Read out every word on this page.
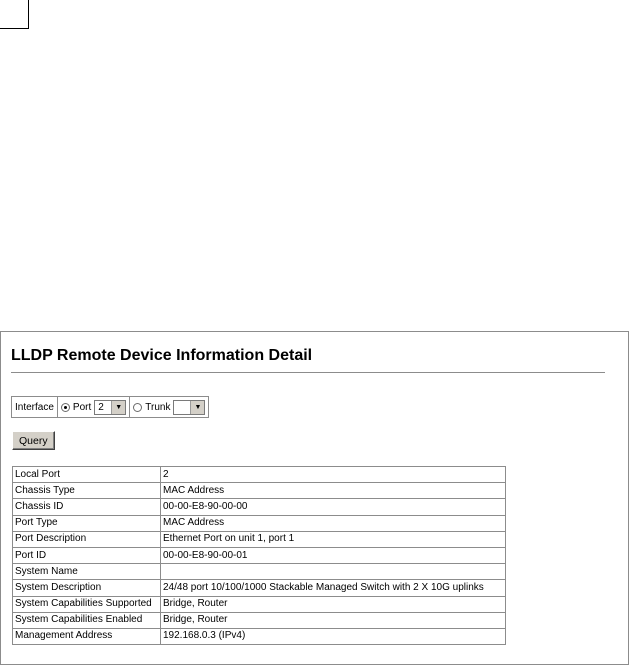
LLDP Remote Device Information Detail
Interface	Port 2	▼	Trunk	▼
Query
Local Port	2
Chassis Type	MAC Address
Chassis ID	00-00-E8-90-00-00
Port Type	MAC Address
Port Description	Ethernet Port on unit 1, port 1
Port ID	00-00-E8-90-00-01
System Name	
System Description	24/48 port 10/100/1000 Stackable Managed Switch with 2 X 10G uplinks
System Capabilities Supported	Bridge, Router
System Capabilities Enabled	Bridge, Router
Management Address	192.168.0.3 (IPv4)
